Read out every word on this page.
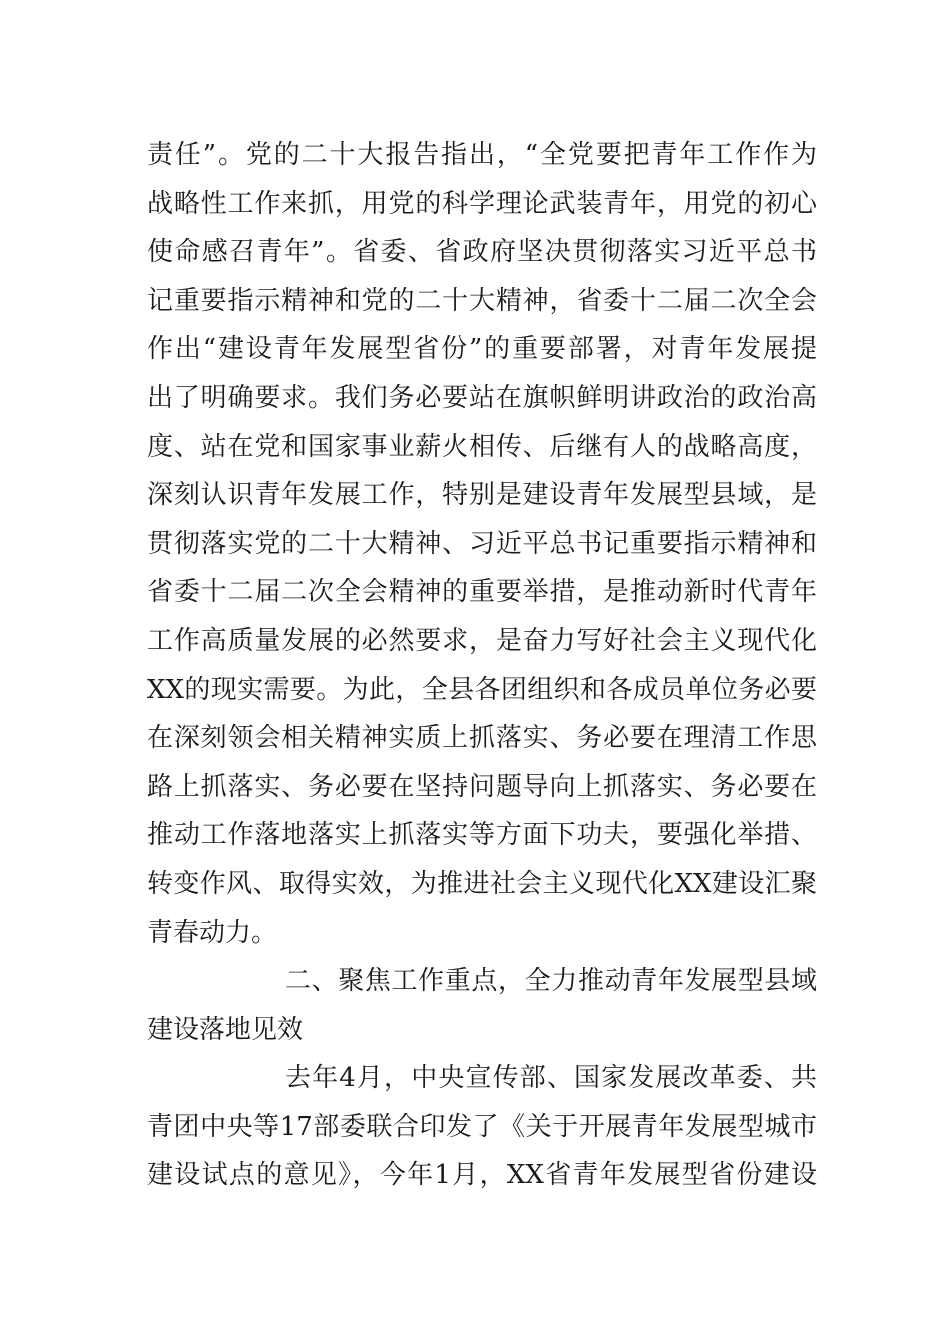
责任”。党的二十大报告指出，“全党要把青年工作作为
战略性工作来抓，用党的科学理论武装青年，用党的初心
使命感召青年”。省委、省政府坚决贯彻落实习近平总书
记重要指示精神和党的二十大精神，省委十二届二次全会
作出“建设青年发展型省份”的重要部署，对青年发展提
出了明确要求。我们务必要站在旗帜鲜明讲政治的政治高
度、站在党和国家事业薪火相传、后继有人的战略高度，
深刻认识青年发展工作，特别是建设青年发展型县域，是
贯彻落实党的二十大精神、习近平总书记重要指示精神和
省委十二届二次全会精神的重要举措，是推动新时代青年
工作高质量发展的必然要求，是奋力写好社会主义现代化
XX的现实需要。为此，全县各团组织和各成员单位务必要
在深刻领会相关精神实质上抓落实、务必要在理清工作思
路上抓落实、务必要在坚持问题导向上抓落实、务必要在
推动工作落地落实上抓落实等方面下功夫，要强化举措、
转变作风、取得实效，为推进社会主义现代化XX建设汇聚
青春动力。
二、聚焦工作重点，全力推动青年发展型县域
建设落地见效
去年4月，中央宣传部、国家发展改革委、共
青团中央等17部委联合印发了《关于开展青年发展型城市
建设试点的意见》，今年1月，XX省青年发展型省份建设
